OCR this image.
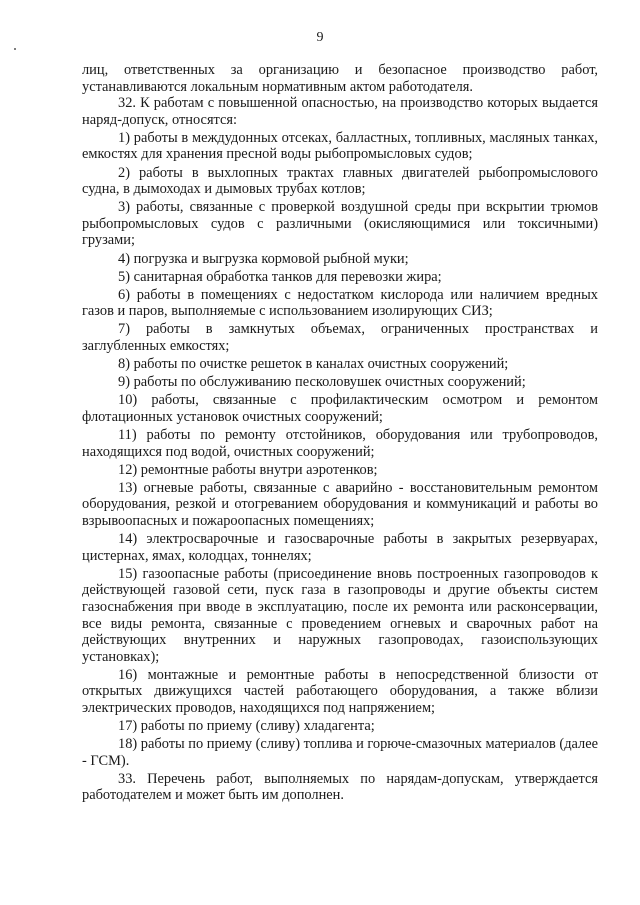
9

лиц, ответственных за организацию и безопасное производство работ, устанавливаются локальным нормативным актом работодателя.

32. К работам с повышенной опасностью, на производство которых выдается наряд-допуск, относятся:

1) работы в междудонных отсеках, балластных, топливных, масляных танках, емкостях для хранения пресной воды рыбопромысловых судов;

2) работы в выхлопных трактах главных двигателей рыбопромыслового судна, в дымоходах и дымовых трубах котлов;

3) работы, связанные с проверкой воздушной среды при вскрытии трюмов рыбопромысловых судов с различными (окисляющимися или токсичными) грузами;

4) погрузка и выгрузка кормовой рыбной муки;

5) санитарная обработка танков для перевозки жира;

6) работы в помещениях с недостатком кислорода или наличием вредных газов и паров, выполняемые с использованием изолирующих СИЗ;

7) работы в замкнутых объемах, ограниченных пространствах и заглубленных емкостях;

8) работы по очистке решеток в каналах очистных сооружений;

9) работы по обслуживанию песколовушек очистных сооружений;

10) работы, связанные с профилактическим осмотром и ремонтом флотационных установок очистных сооружений;

11) работы по ремонту отстойников, оборудования или трубопроводов, находящихся под водой, очистных сооружений;

12) ремонтные работы внутри аэротенков;

13) огневые работы, связанные с аварийно - восстановительным ремонтом оборудования, резкой и отогреванием оборудования и коммуникаций и работы во взрывоопасных и пожароопасных помещениях;

14) электросварочные и газосварочные работы в закрытых резервуарах, цистернах, ямах, колодцах, тоннелях;

15) газоопасные работы (присоединение вновь построенных газопроводов к действующей газовой сети, пуск газа в газопроводы и другие объекты систем газоснабжения при вводе в эксплуатацию, после их ремонта или расконсервации, все виды ремонта, связанные с проведением огневых и сварочных работ на действующих внутренних и наружных газопроводах, газоиспользующих установках);

16) монтажные и ремонтные работы в непосредственной близости от открытых движущихся частей работающего оборудования, а также вблизи электрических проводов, находящихся под напряжением;

17) работы по приему (сливу) хладагента;

18) работы по приему (сливу) топлива и горюче-смазочных материалов (далее - ГСМ).

33. Перечень работ, выполняемых по нарядам-допускам, утверждается работодателем и может быть им дополнен.
